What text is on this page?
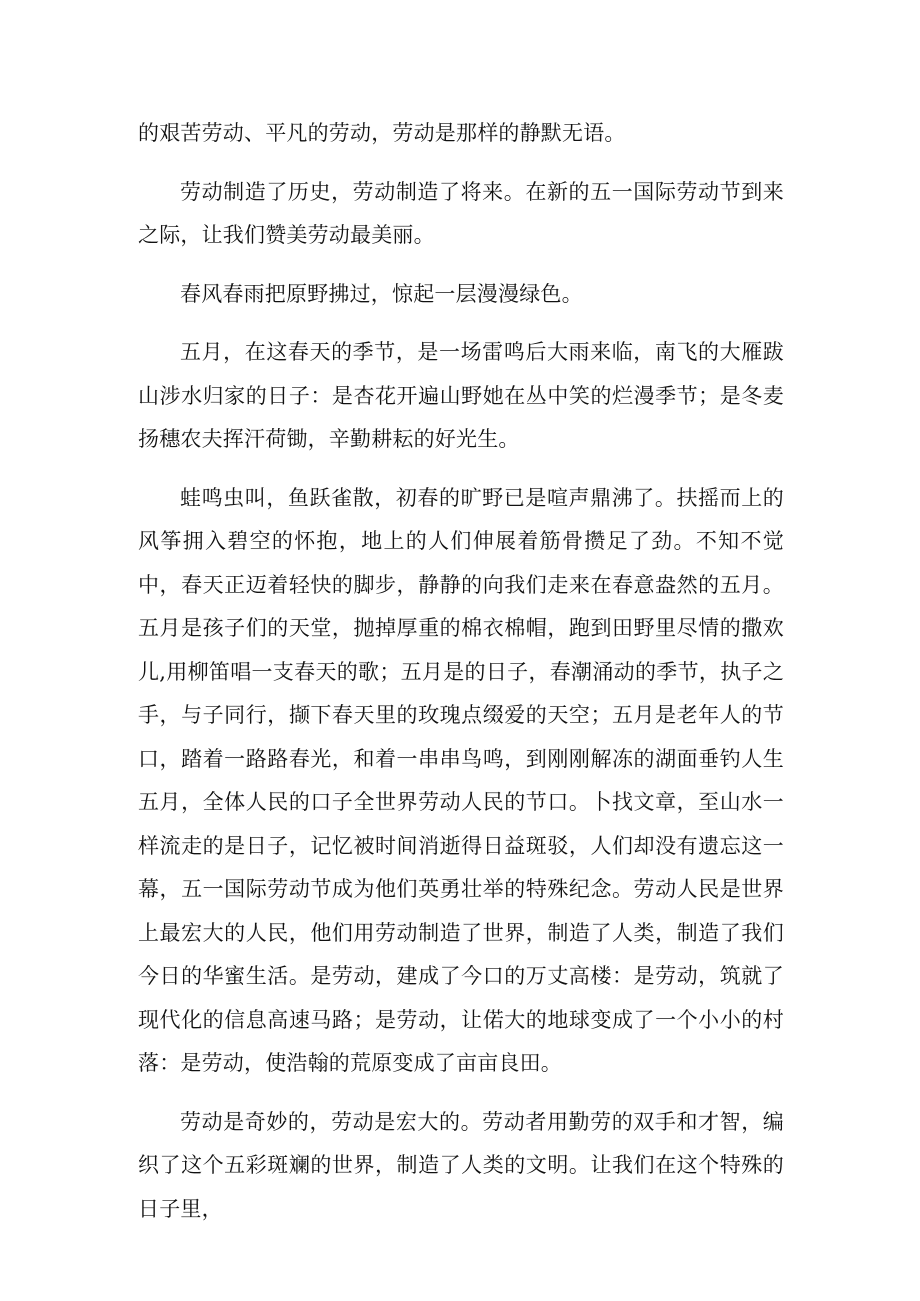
的艰苦劳动、平凡的劳动，劳动是那样的静默无语。

劳动制造了历史，劳动制造了将来。在新的五一国际劳动节到来之际，让我们赞美劳动最美丽。

春风春雨把原野拂过，惊起一层漫漫绿色。

五月，在这春天的季节，是一场雷鸣后大雨来临，南飞的大雁跋山涉水归家的日子：是杏花开遍山野她在丛中笑的烂漫季节；是冬麦扬穗农夫挥汗荷锄，辛勤耕耘的好光生。

蛙鸣虫叫，鱼跃雀散，初春的旷野已是喧声鼎沸了。扶摇而上的风筝拥入碧空的怀抱，地上的人们伸展着筋骨攒足了劲。不知不觉中，春天正迈着轻快的脚步，静静的向我们走来在春意盎然的五月。五月是孩子们的天堂，抛掉厚重的棉衣棉帽，跑到田野里尽情的撒欢儿,用柳笛唱一支春天的歌；五月是的日子，春潮涌动的季节，执子之手，与子同行，撷下春天里的玫瑰点缀爱的天空；五月是老年人的节口，踏着一路路春光，和着一串串鸟鸣，到刚刚解冻的湖面垂钓人生五月，全体人民的口子全世界劳动人民的节口。卜找文章，至山水一样流走的是日子，记忆被时间消逝得日益斑驳，人们却没有遗忘这一幕，五一国际劳动节成为他们英勇壮举的特殊纪念。劳动人民是世界上最宏大的人民，他们用劳动制造了世界，制造了人类，制造了我们今日的华蜜生活。是劳动，建成了今口的万丈高楼：是劳动，筑就了现代化的信息高速马路；是劳动，让偌大的地球变成了一个小小的村落：是劳动，使浩翰的荒原变成了亩亩良田。

劳动是奇妙的，劳动是宏大的。劳动者用勤劳的双手和才智，编织了这个五彩斑斓的世界，制造了人类的文明。让我们在这个特殊的日子里，
